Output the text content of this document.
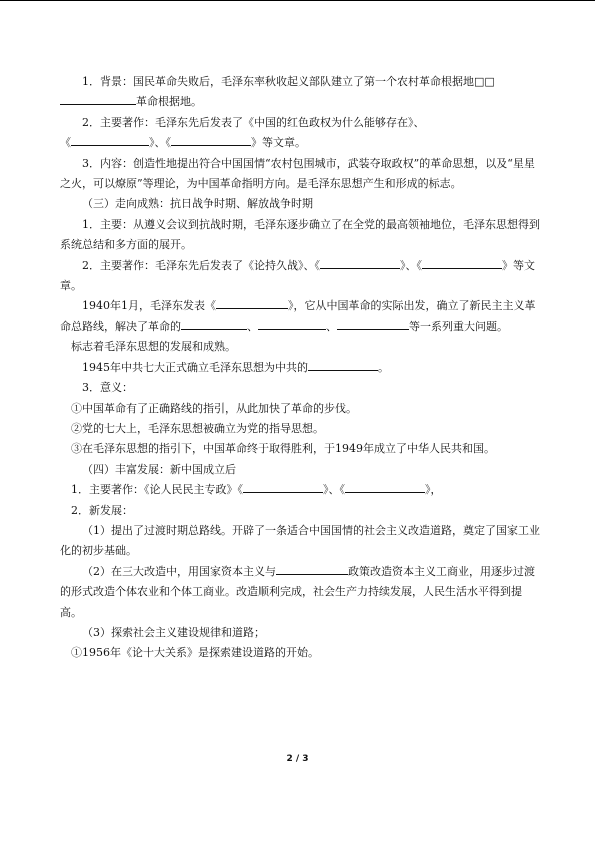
1．背景：国民革命失败后，毛泽东率秋收起义部队建立了第一个农村革命根据地□□

革命根据地。

2．主要著作：毛泽东先后发表了《中国的红色政权为什么能够存在》、

《	》、《	》等文章。

3．内容：创造性地提出符合中国国情“农村包围城市，武装夺取政权”的革命思想，以及“星星之火，可以燎原”等理论，为中国革命指明方向。是毛泽东思想产生和形成的标志。

（三）走向成熟：抗日战争时期、解放战争时期

1．主要：从遵义会议到抗战时期，毛泽东逐步确立了在全党的最高领袖地位，毛泽东思想得到系统总结和多方面的展开。

2．主要著作：毛泽东先后发表了《论持久战》、《	》、《	》等文章。

1940年1月，毛泽东发表《	》，它从中国革命的实际出发，确立了新民主主义革命总路线，解决了革命的	、	、	等一系列重大问题。

标志着毛泽东思想的发展和成熟。

1945年中共七大正式确立毛泽东思想为中共的	。

3．意义：

①中国革命有了正确路线的指引，从此加快了革命的步伐。

②党的七大上，毛泽东思想被确立为党的指导思想。

③在毛泽东思想的指引下，中国革命终于取得胜利，于1949年成立了中华人民共和国。

（四）丰富发展：新中国成立后

1．主要著作：《论人民民主专政》《	》、《	》，

2．新发展：

（1）提出了过渡时期总路线。开辟了一条适合中国国情的社会主义改造道路，奠定了国家工业化的初步基础。

（2）在三大改造中，用国家资本主义与	政策改造资本主义工商业，用逐步过渡的形式改造个体农业和个体工商业。改造顺利完成，社会生产力持续发展，人民生活水平得到提高。

（3）探索社会主义建设规律和道路；

①1956年《论十大关系》是探索建设道路的开始。

2 / 3
